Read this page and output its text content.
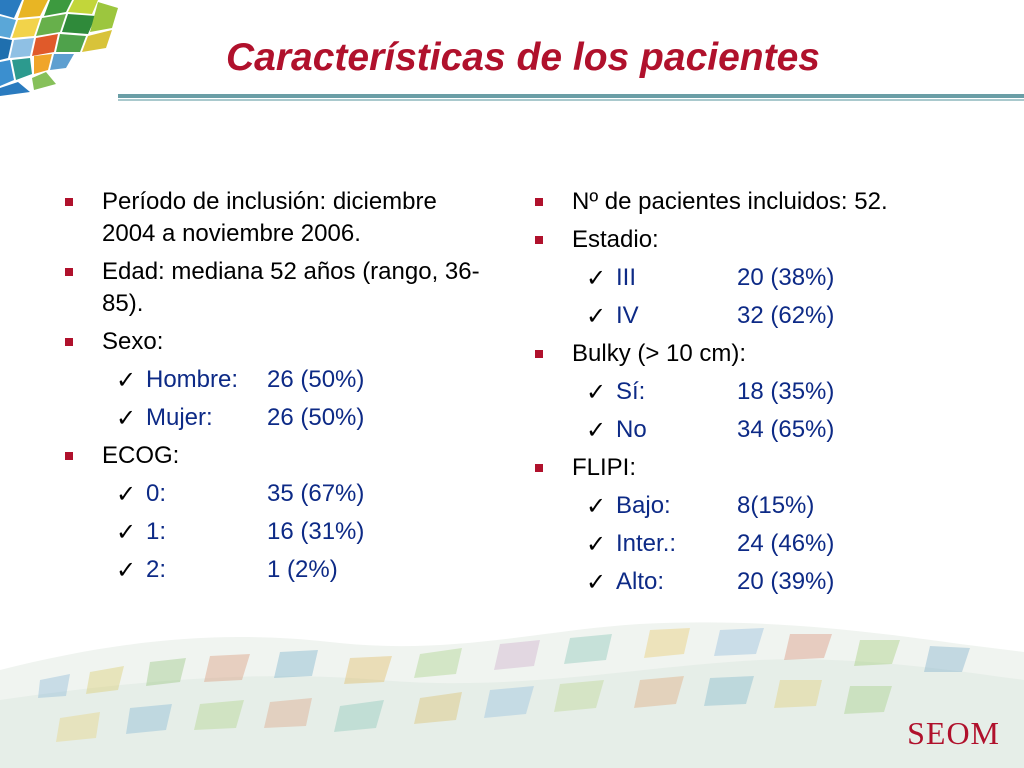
Características de los pacientes
Período de inclusión: diciembre 2004 a noviembre 2006.
Edad: mediana 52 años (rango, 36-85).
Sexo:
✓ Hombre: 26 (50%)
✓ Mujer: 26 (50%)
ECOG:
✓ 0:	35 (67%)
✓ 1:	16 (31%)
✓ 2:	1 (2%)
Nº de pacientes incluidos: 52.
Estadio:
✓ III	20 (38%)
✓ IV	32 (62%)
Bulky (> 10 cm):
✓ Sí:	18 (35%)
✓ No	34 (65%)
FLIPI:
✓ Bajo:	8(15%)
✓ Inter.:	24 (46%)
✓ Alto:	20 (39%)
SEOM
